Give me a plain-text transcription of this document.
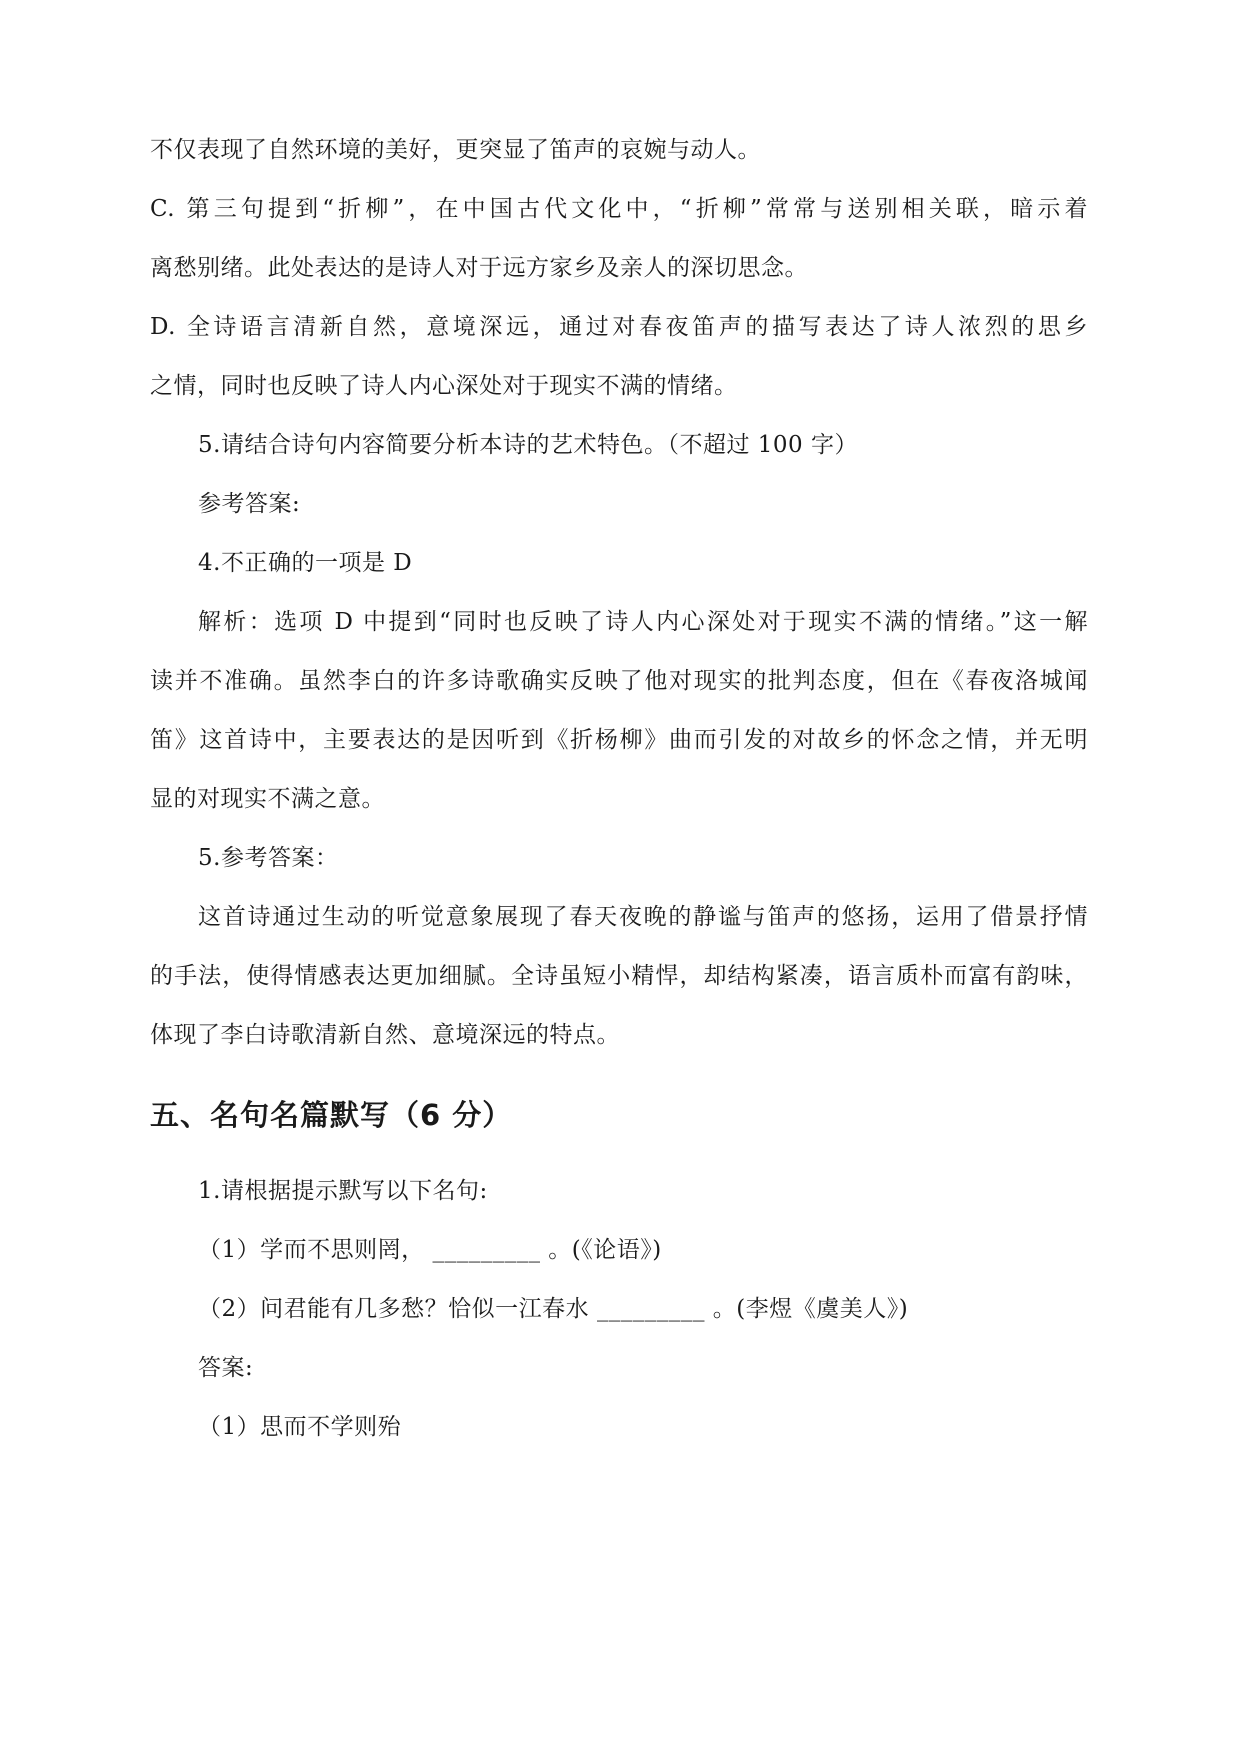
不仅表现了自然环境的美好，更突显了笛声的哀婉与动人。
C. 第三句提到“折柳”，在中国古代文化中，“折柳”常常与送别相关联，暗示着
离愁别绪。此处表达的是诗人对于远方家乡及亲人的深切思念。
D. 全诗语言清新自然，意境深远，通过对春夜笛声的描写表达了诗人浓烈的思乡
之情，同时也反映了诗人内心深处对于现实不满的情绪。
5.请结合诗句内容简要分析本诗的艺术特色。（不超过 100 字）
参考答案:
4.不正确的一项是 D
解析：选项 D 中提到“同时也反映了诗人内心深处对于现实不满的情绪。”这一解
读并不准确。虽然李白的许多诗歌确实反映了他对现实的批判态度，但在《春夜洛城闻
笛》这首诗中，主要表达的是因听到《折杨柳》曲而引发的对故乡的怀念之情，并无明
显的对现实不满之意。
5.参考答案：
这首诗通过生动的听觉意象展现了春天夜晚的静谧与笛声的悠扬，运用了借景抒情
的手法，使得情感表达更加细腻。全诗虽短小精悍，却结构紧凑，语言质朴而富有韵味，
体现了李白诗歌清新自然、意境深远的特点。
五、名句名篇默写（6 分）
1.请根据提示默写以下名句:
（1）学而不思则罔， _________ 。(《论语》)
（2）问君能有几多愁？恰似一江春水 _________ 。(李煜《虞美人》)
答案:
（1）思而不学则殆
